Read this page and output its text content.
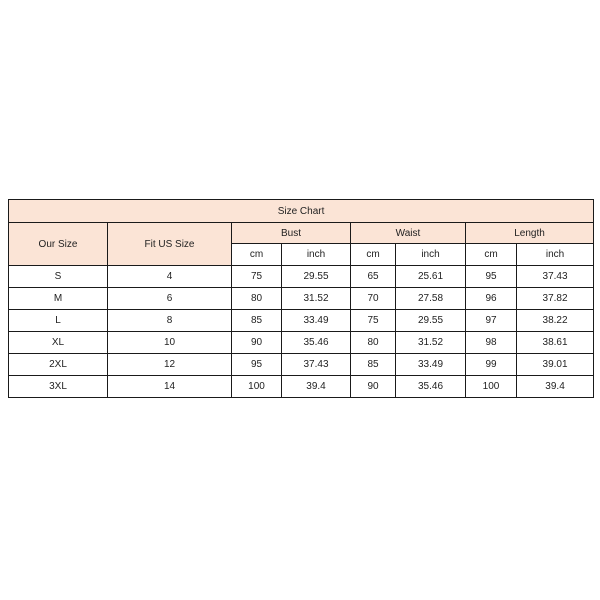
Size Chart							
Our Size	Fit US Size	Bust		Waist		Length	
		cm	inch	cm	inch	cm	inch
S	4	75	29.55	65	25.61	95	37.43
M	6	80	31.52	70	27.58	96	37.82
L	8	85	33.49	75	29.55	97	38.22
XL	10	90	35.46	80	31.52	98	38.61
2XL	12	95	37.43	85	33.49	99	39.01
3XL	14	100	39.4	90	35.46	100	39.4
